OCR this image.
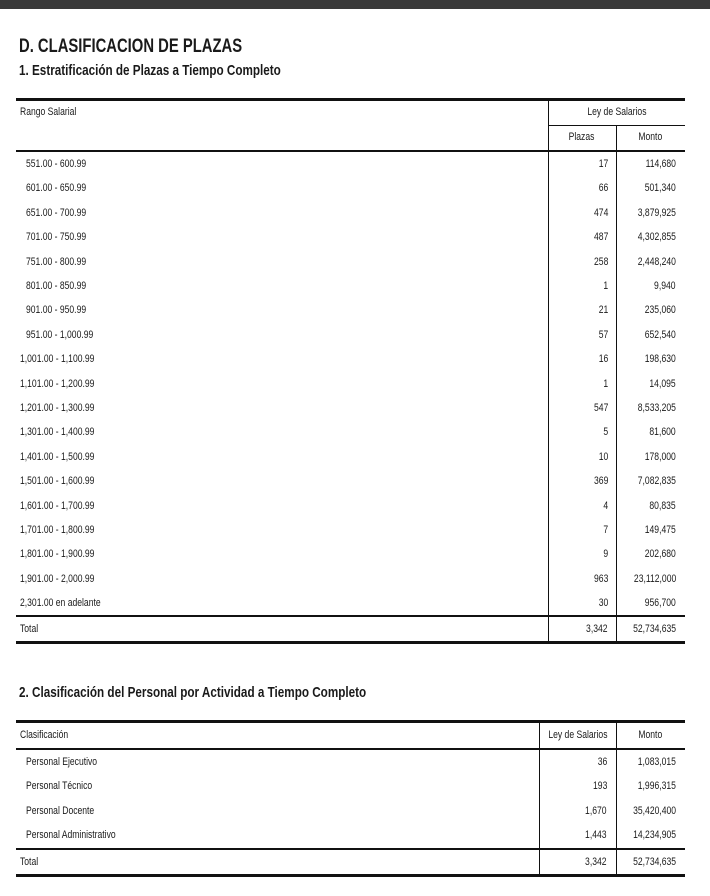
D. CLASIFICACION DE PLAZAS
1. Estratificación de Plazas a Tiempo Completo
Rango Salarial	Ley de Salarios
Plazas	Monto
551.00 - 600.99	17	114,680
601.00 - 650.99	66	501,340
651.00 - 700.99	474	3,879,925
701.00 - 750.99	487	4,302,855
751.00 - 800.99	258	2,448,240
801.00 - 850.99	1	9,940
901.00 - 950.99	21	235,060
951.00 - 1,000.99	57	652,540
1,001.00 - 1,100.99	16	198,630
1,101.00 - 1,200.99	1	14,095
1,201.00 - 1,300.99	547	8,533,205
1,301.00 - 1,400.99	5	81,600
1,401.00 - 1,500.99	10	178,000
1,501.00 - 1,600.99	369	7,082,835
1,601.00 - 1,700.99	4	80,835
1,701.00 - 1,800.99	7	149,475
1,801.00 - 1,900.99	9	202,680
1,901.00 - 2,000.99	963	23,112,000
2,301.00 en adelante	30	956,700
Total	3,342	52,734,635
2. Clasificación del Personal por Actividad a Tiempo Completo
Clasificación	Ley de Salarios	Monto
Personal Ejecutivo	36	1,083,015
Personal Técnico	193	1,996,315
Personal Docente	1,670	35,420,400
Personal Administrativo	1,443	14,234,905
Total	3,342	52,734,635
